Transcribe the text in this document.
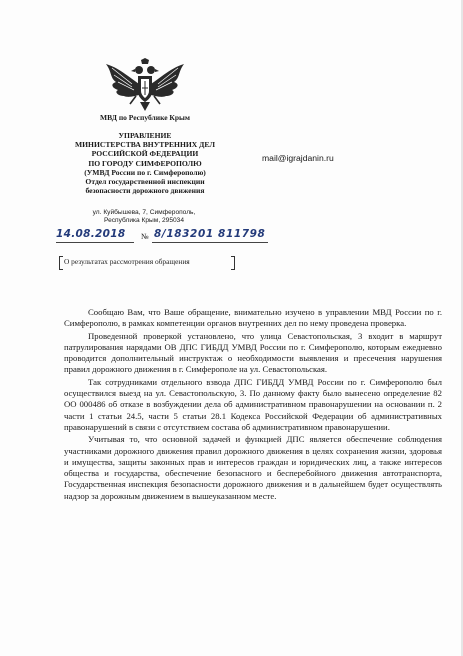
МВД по Республике Крым
УПРАВЛЕНИЕ
МИНИСТЕРСТВА ВНУТРЕННИХ ДЕЛ
РОССИЙСКОЙ ФЕДЕРАЦИИ
ПО ГОРОДУ СИМФЕРОПОЛЮ
(УМВД России по г. Симферополю)
Отдел государственной инспекции
безопасности дорожного движения
mail@igrajdanin.ru
ул. Куйбышева, 7, Симферополь,
Республика Крым, 295034
14.08.2018 № 8/183201 811798
О результатах рассмотрения обращения

Сообщаю Вам, что Ваше обращение, внимательно изучено в управлении МВД России по г. Симферополю, в рамках компетенции органов внутренних дел по нему проведена проверка.

Проведенной проверкой установлено, что улица Севастопольская, 3 входит в маршрут патрулирования нарядами ОВ ДПС ГИБДД УМВД России по г. Симферополю, которым ежедневно проводится дополнительный инструктаж о необходимости выявления и пресечения нарушения правил дорожного движения в г. Симферополе на ул. Севастопольская.

Так сотрудниками отдельного взвода ДПС ГИБДД УМВД России по г. Симферополю был осуществился выезд на ул. Севастопольскую, 3. По данному факту было вынесено определение 82 ОО 000486 об отказе в возбуждении дела об административном правонарушении на основании п. 2 части 1 статьи 24.5, части 5 статьи 28.1 Кодекса Российской Федерации об административных правонарушений в связи с отсутствием состава об административном правонарушении.

Учитывая то, что основной задачей и функцией ДПС является обеспечение соблюдения участниками дорожного движения правил дорожного движения в целях сохранения жизни, здоровья и имущества, защиты законных прав и интересов граждан и юридических лиц, а также интересов общества и государства, обеспечение безопасного и бесперебойного движения автотранспорта, Государственная инспекция безопасности дорожного движения и в дальнейшем будет осуществлять надзор за дорожным движением в вышеуказанном месте.
